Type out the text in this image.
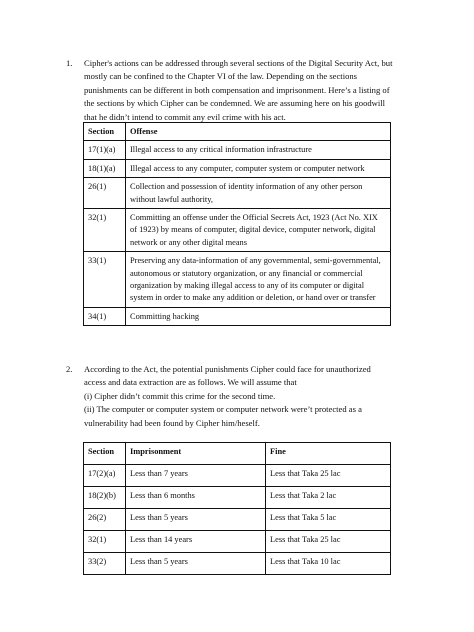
1. Cipher's actions can be addressed through several sections of the Digital Security Act, but
mostly can be confined to the Chapter VI of the law. Depending on the sections
punishments can be different in both compensation and imprisonment. Here’s a listing of
the sections by which Cipher can be condemned. We are assuming here on his goodwill
that he didn’t intend to commit any evil crime with his act.
Section	Offense
17(1)(a)	Illegal access to any critical information infrastructure

18(1)(a)	Illegal access to any computer, computer system or computer network

26(1)	Collection and possession of identity information of any other person
without lawful authority,

32(1)	Committing an offense under the Official Secrets Act, 1923 (Act No. XIX
of 1923) by means of computer, digital device, computer network, digital
network or any other digital means

33(1)	Preserving any data-information of any governmental, semi-governmental,
autonomous or statutory organization, or any financial or commercial
organization by making illegal access to any of its computer or digital
system in order to make any addition or deletion, or hand over or transfer

34(1)	Committing hacking
2. According to the Act, the potential punishments Cipher could face for unauthorized
access and data extraction are as follows. We will assume that
(i) Cipher didn’t commit this crime for the second time.
(ii) The computer or computer system or computer network were’t protected as a
vulnerability had been found by Cipher him/heself.
Section	Imprisonment	Fine
17(2)(a)	Less than 7 years	Less that Taka 25 lac
18(2)(b)	Less than 6 months	Less that Taka 2 lac
26(2)	Less than 5 years	Less that Taka 5 lac
32(1)	Less than 14 years	Less that Taka 25 lac
33(2)	Less than 5 years	Less that Taka 10 lac
